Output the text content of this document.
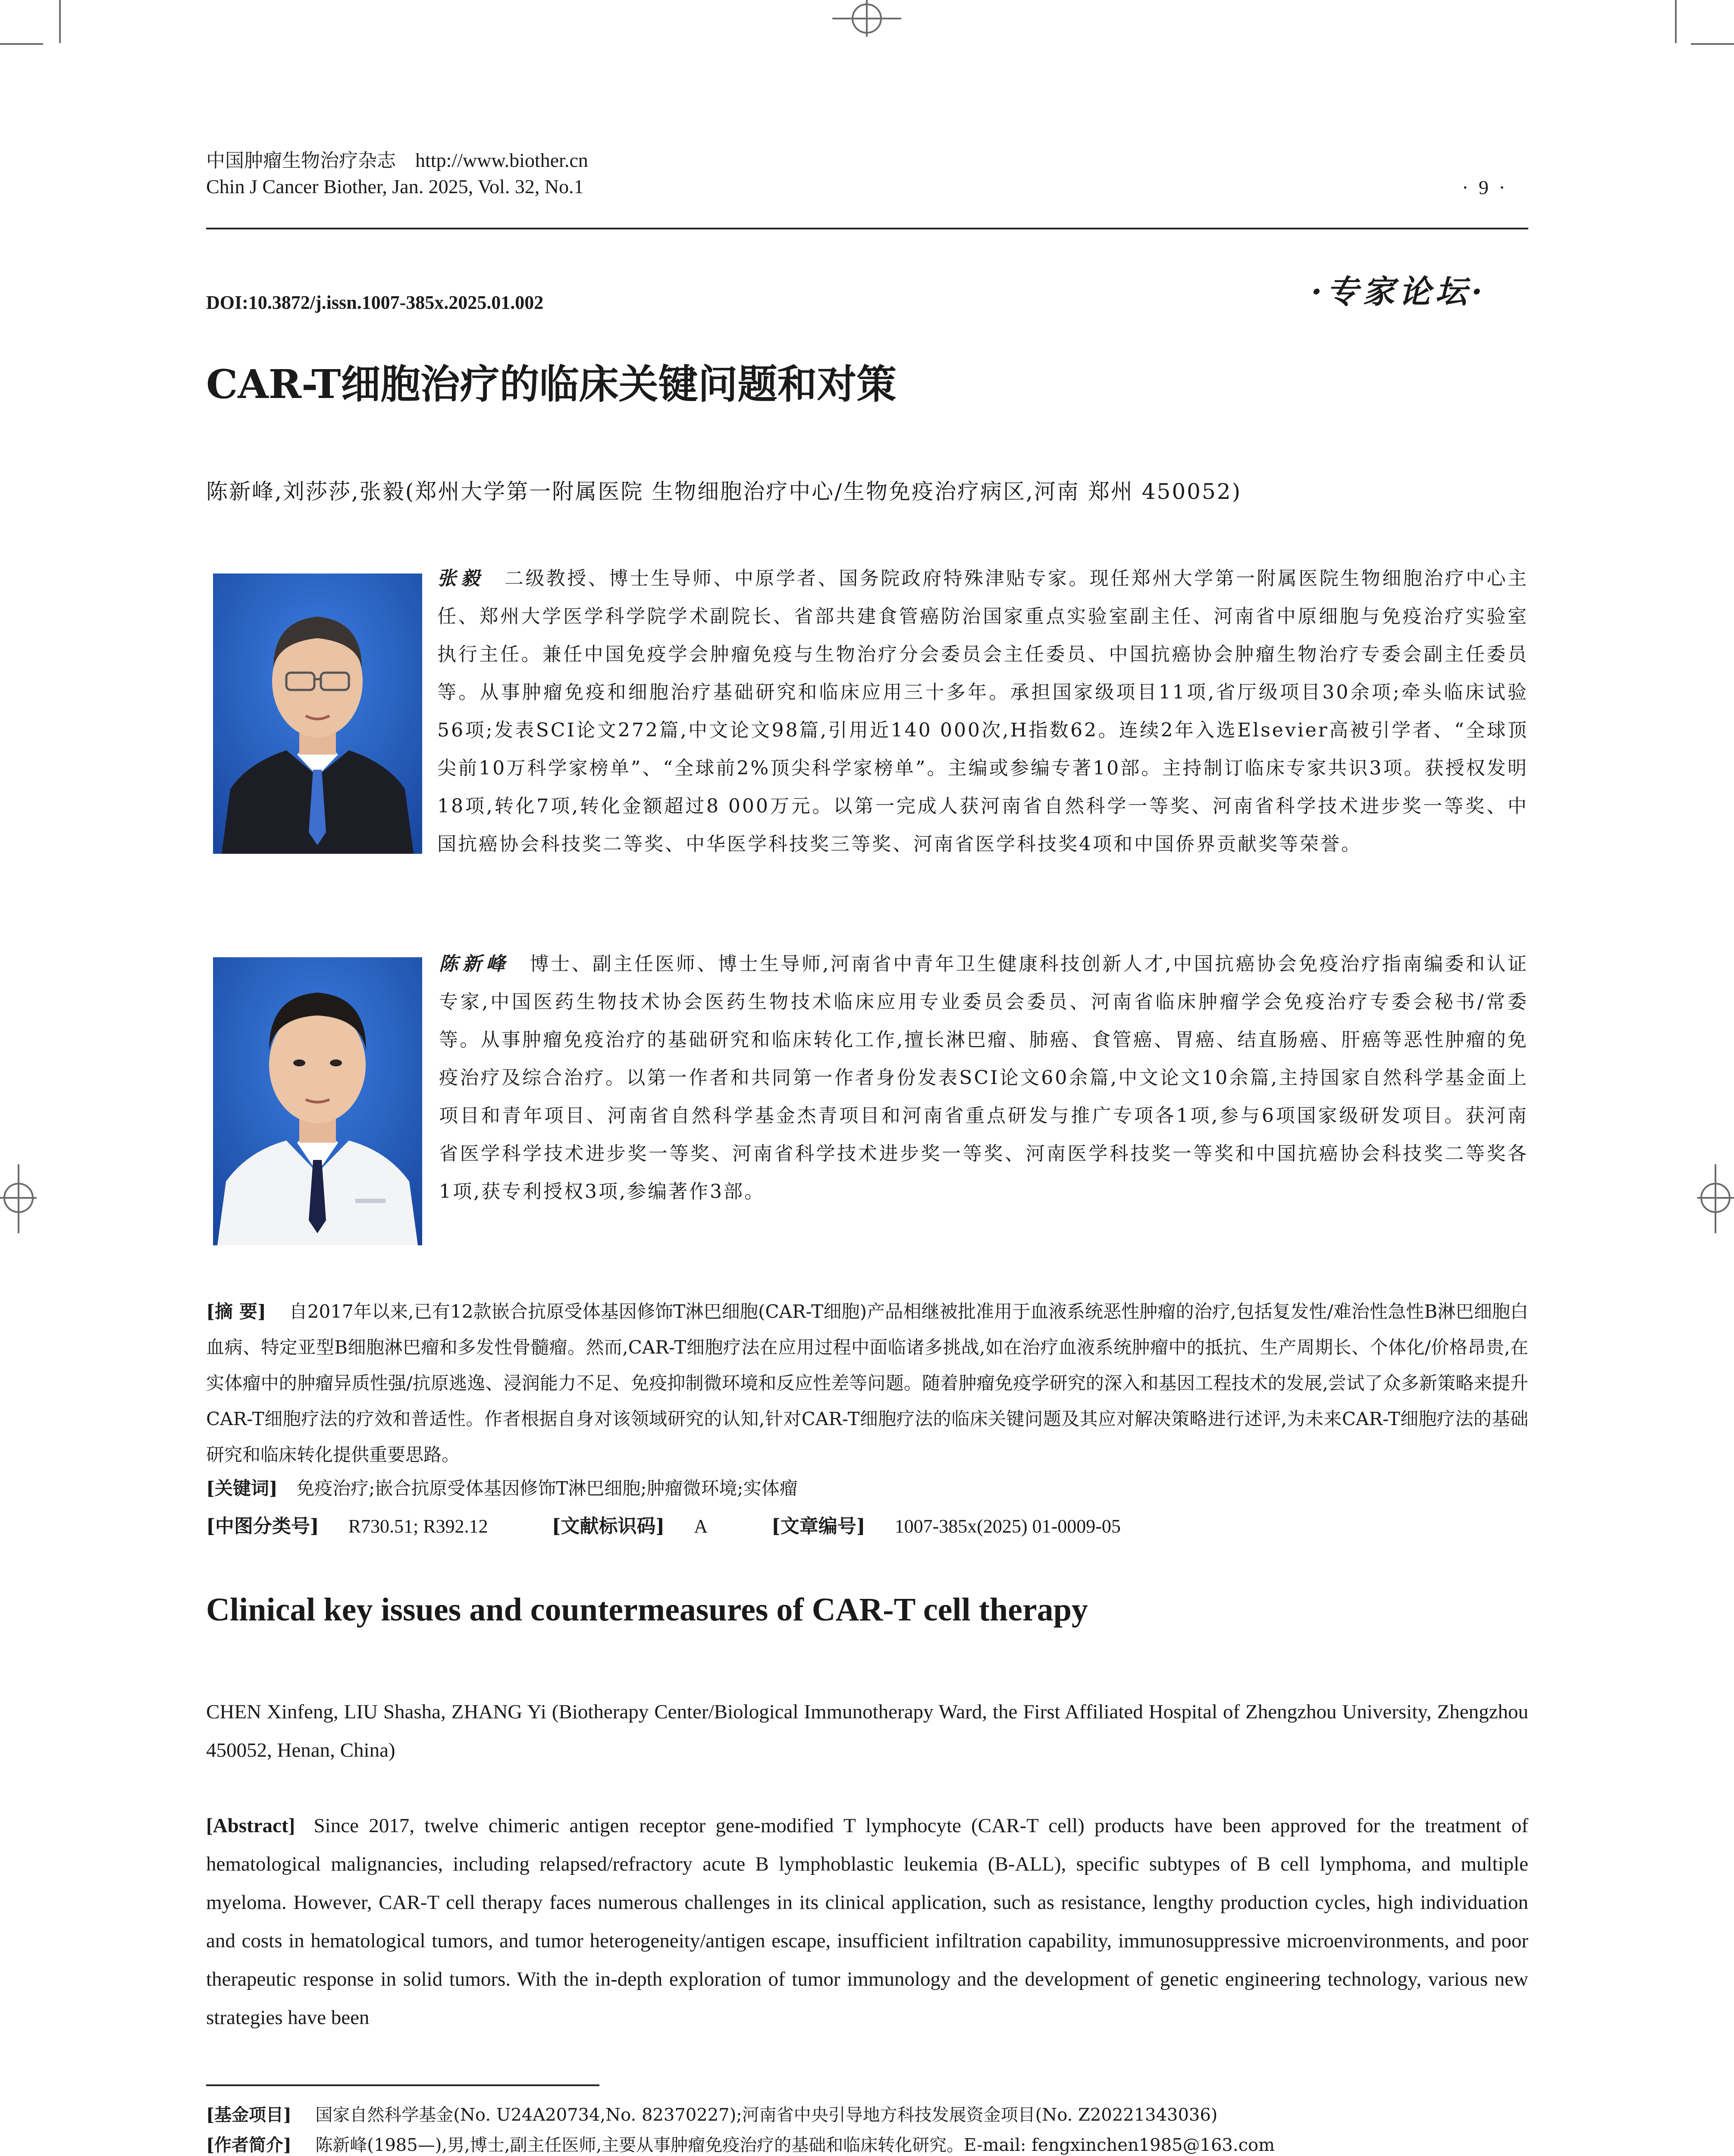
中国肿瘤生物治疗杂志 http://www.biother.cn
Chin J Cancer Biother, Jan. 2025, Vol. 32, No.1	· 9 ·
DOI:10.3872/j.issn.1007-385x.2025.01.002	·专家论坛·
CAR-T细胞治疗的临床关键问题和对策
陈新峰,刘莎莎,张毅(郑州大学第一附属医院 生物细胞治疗中心/生物免疫治疗病区,河南 郑州 450052)
张毅 二级教授、博士生导师、中原学者、国务院政府特殊津贴专家。现任郑州大学第一附属医院生物细胞治疗中心主任、郑州大学医学科学院学术副院长、省部共建食管癌防治国家重点实验室副主任、河南省中原细胞与免疫治疗实验室执行主任。兼任中国免疫学会肿瘤免疫与生物治疗分会委员会主任委员、中国抗癌协会肿瘤生物治疗专委会副主任委员等。从事肿瘤免疫和细胞治疗基础研究和临床应用三十多年。承担国家级项目11项,省厅级项目30余项;牵头临床试验56项;发表SCI论文272篇,中文论文98篇,引用近140 000次,H指数62。连续2年入选Elsevier高被引学者、“全球顶尖前10万科学家榜单”、“全球前2%顶尖科学家榜单”。主编或参编专著10部。主持制订临床专家共识3项。获授权发明18项,转化7项,转化金额超过8 000万元。以第一完成人获河南省自然科学一等奖、河南省科学技术进步奖一等奖、中国抗癌协会科技奖二等奖、中华医学科技奖三等奖、河南省医学科技奖4项和中国侨界贡献奖等荣誉。
陈新峰 博士、副主任医师、博士生导师,河南省中青年卫生健康科技创新人才,中国抗癌协会免疫治疗指南编委和认证专家,中国医药生物技术协会医药生物技术临床应用专业委员会委员、河南省临床肿瘤学会免疫治疗专委会秘书/常委等。从事肿瘤免疫治疗的基础研究和临床转化工作,擅长淋巴瘤、肺癌、食管癌、胃癌、结直肠癌、肝癌等恶性肿瘤的免疫治疗及综合治疗。以第一作者和共同第一作者身份发表SCI论文60余篇,中文论文10余篇,主持国家自然科学基金面上项目和青年项目、河南省自然科学基金杰青项目和河南省重点研发与推广专项各1项,参与6项国家级研发项目。获河南省医学科学技术进步奖一等奖、河南省科学技术进步奖一等奖、河南医学科技奖一等奖和中国抗癌协会科技奖二等奖各1项,获专利授权3项,参编著作3部。
[摘 要] 自2017年以来,已有12款嵌合抗原受体基因修饰T淋巴细胞(CAR-T细胞)产品相继被批准用于血液系统恶性肿瘤的治疗,包括复发性/难治性急性B淋巴细胞白血病、特定亚型B细胞淋巴瘤和多发性骨髓瘤。然而,CAR-T细胞疗法在应用过程中面临诸多挑战,如在治疗血液系统肿瘤中的抵抗、生产周期长、个体化/价格昂贵,在实体瘤中的肿瘤异质性强/抗原逃逸、浸润能力不足、免疫抑制微环境和反应性差等问题。随着肿瘤免疫学研究的深入和基因工程技术的发展,尝试了众多新策略来提升CAR-T细胞疗法的疗效和普适性。作者根据自身对该领域研究的认知,针对CAR-T细胞疗法的临床关键问题及其应对解决策略进行述评,为未来CAR-T细胞疗法的基础研究和临床转化提供重要思路。
[关键词] 免疫治疗;嵌合抗原受体基因修饰T淋巴细胞;肿瘤微环境;实体瘤
[中图分类号] R730.51; R392.12	[文献标识码] A	[文章编号] 1007-385x(2025) 01-0009-05
Clinical key issues and countermeasures of CAR-T cell therapy
CHEN Xinfeng, LIU Shasha, ZHANG Yi (Biotherapy Center/Biological Immunotherapy Ward, the First Affiliated Hospital of Zhengzhou University, Zhengzhou 450052, Henan, China)
[Abstract] Since 2017, twelve chimeric antigen receptor gene-modified T lymphocyte (CAR-T cell) products have been approved for the treatment of hematological malignancies, including relapsed/refractory acute B lymphoblastic leukemia (B-ALL), specific subtypes of B cell lymphoma, and multiple myeloma. However, CAR-T cell therapy faces numerous challenges in its clinical application, such as resistance, lengthy production cycles, high individuation and costs in hematological tumors, and tumor heterogeneity/antigen escape, insufficient infiltration capability, immunosuppressive microenvironments, and poor therapeutic response in solid tumors. With the in-depth exploration of tumor immunology and the development of genetic engineering technology, various new strategies have been
[基金项目] 国家自然科学基金(No. U24A20734,No. 82370227);河南省中央引导地方科技发展资金项目(No. Z20221343036)
[作者简介] 陈新峰(1985—),男,博士,副主任医师,主要从事肿瘤免疫治疗的基础和临床转化研究。E-mail: fengxinchen1985@163.com
